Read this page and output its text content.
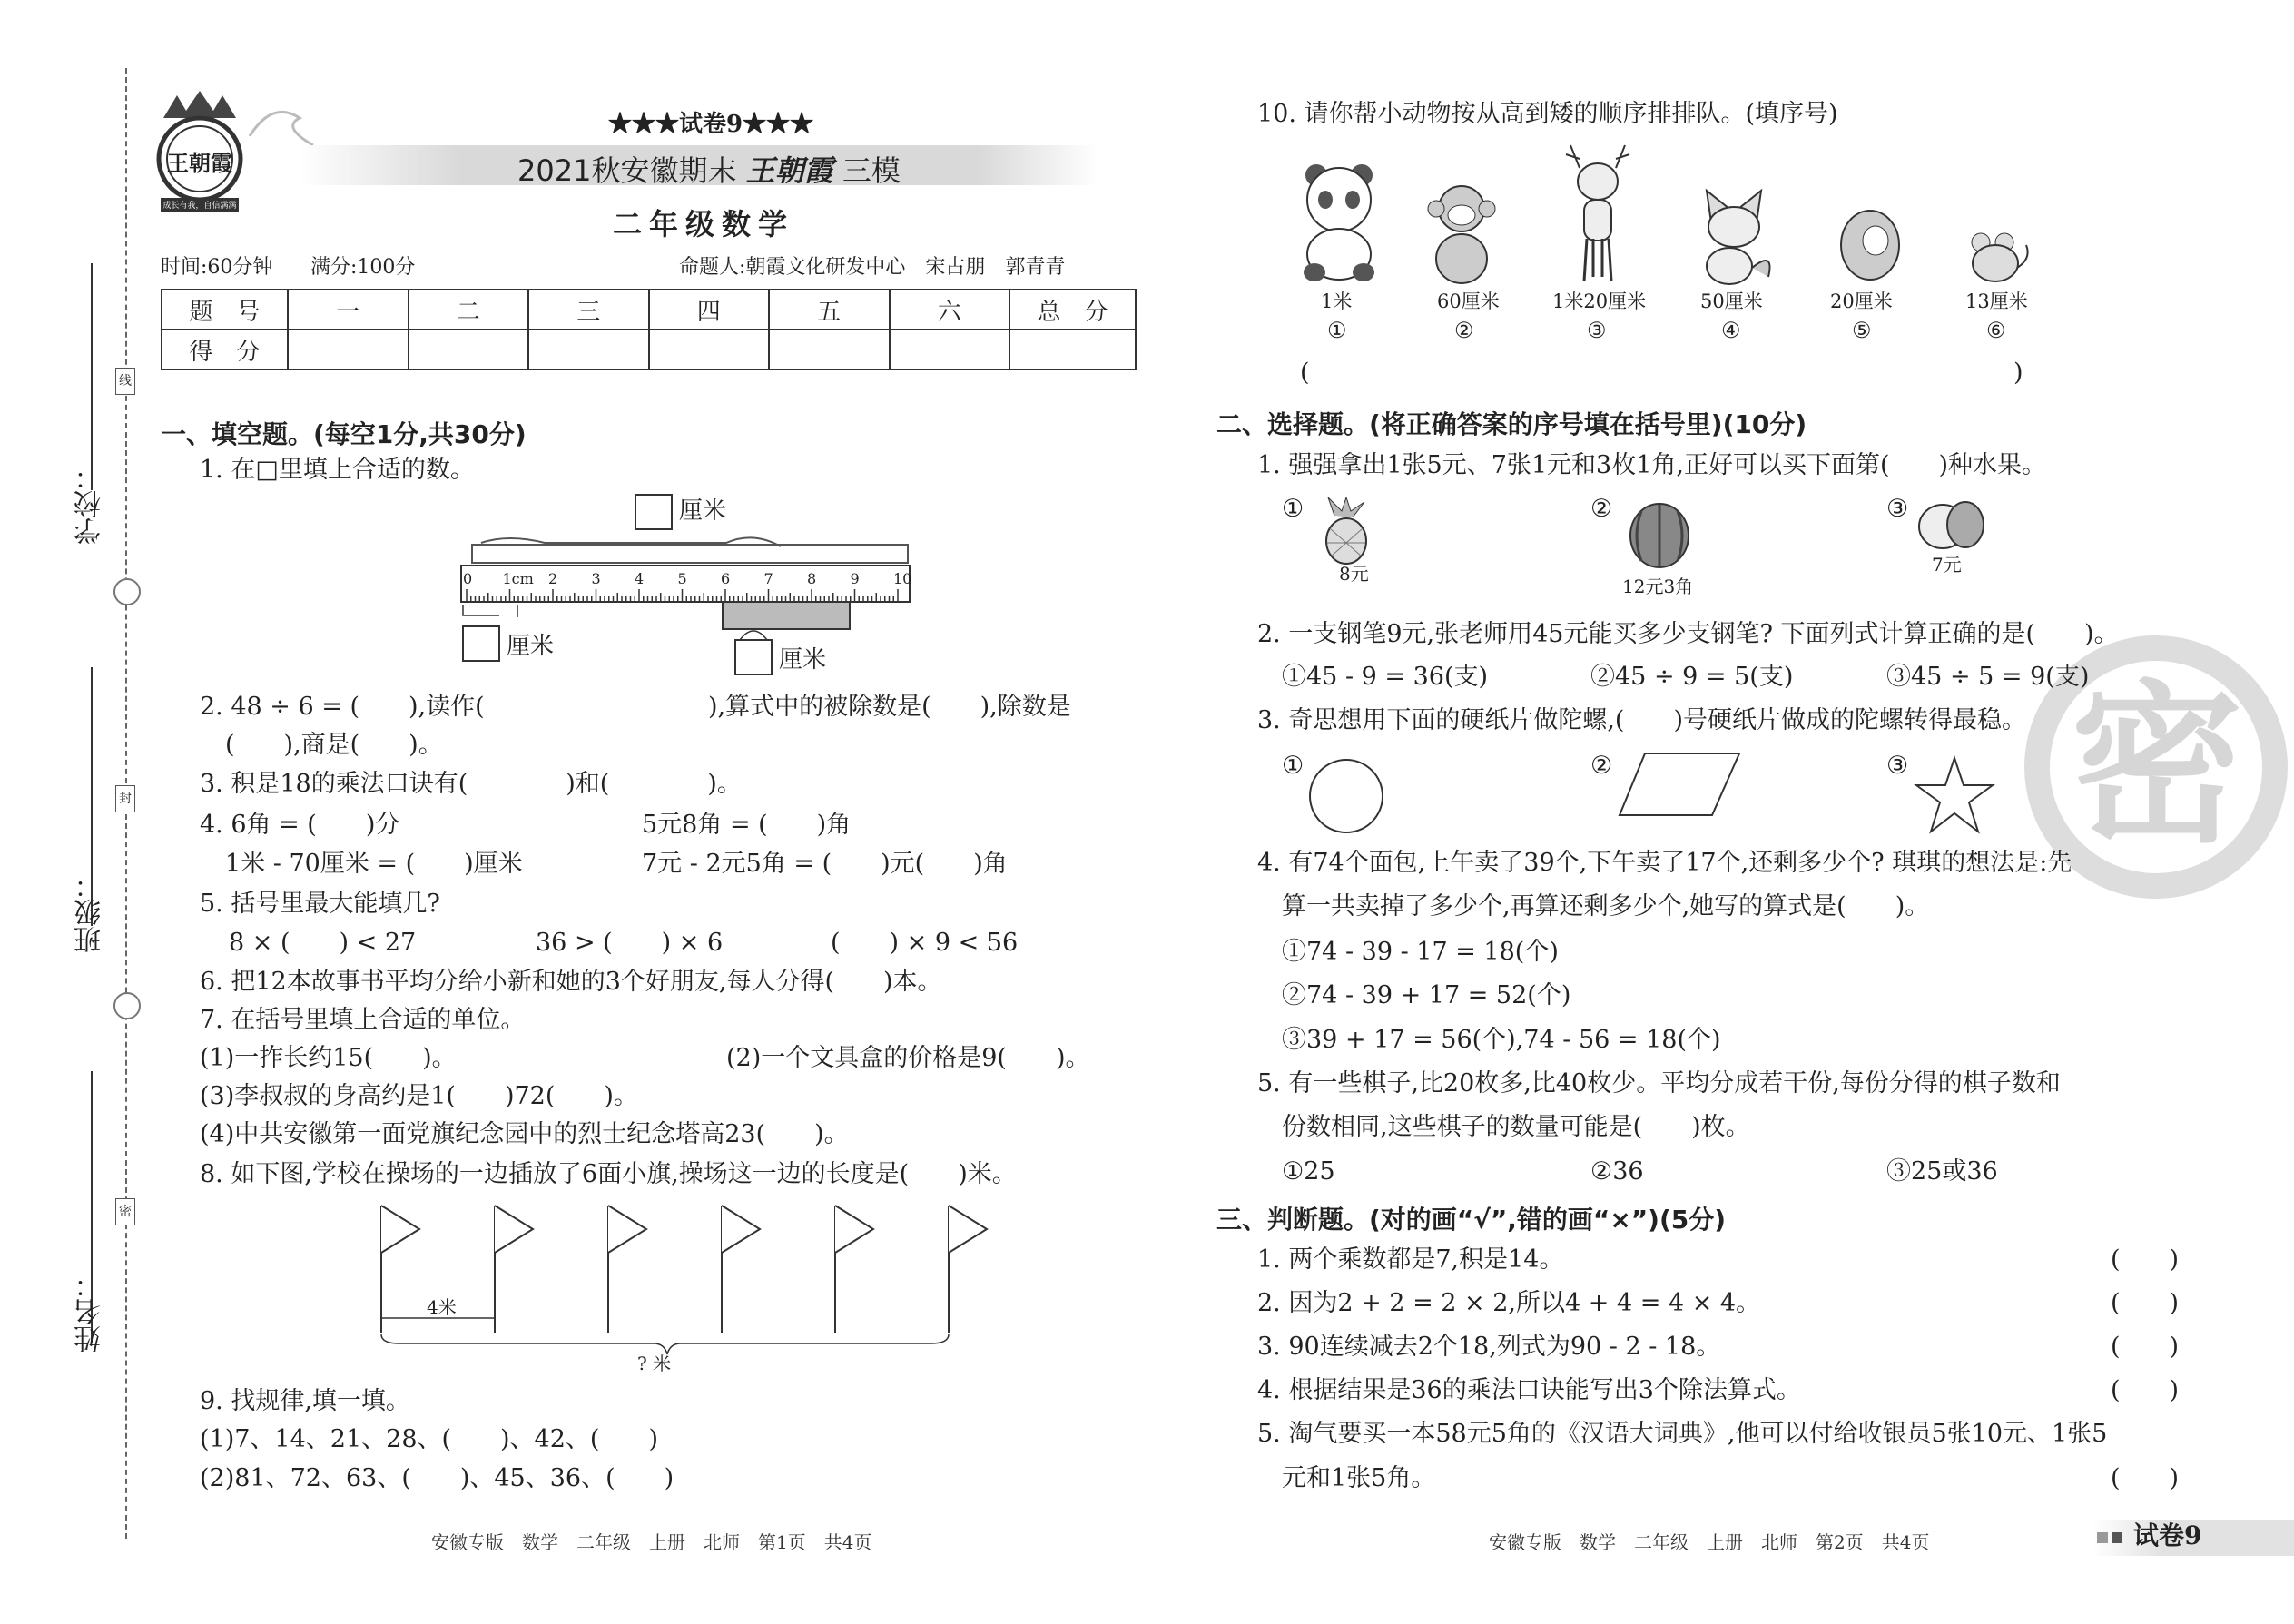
线
封
密
学校：
班级：
姓名：
王朝霞
成长有我，自信满满
★★★试卷9★★★
2021秋安徽期末 王朝霞 三模
二年级数学
时间:60分钟 满分:100分	命题人:朝霞文化研发中心　宋占朋　郭青青
题　号	一	二	三	四	五	六	总　分
得　分							
一、填空题。(每空1分,共30分)
1. 在□里填上合适的数。
厘米
厘米	厘米
0 1cm 2 3 4 5 6 7 8 9 10
2. 48 ÷ 6 = (　　),读作(	),算式中的被除数是(　　),除数是
(　　),商是(　　)。
3. 积是18的乘法口诀有(　　　　)和(　　　　)。
4. 6角 = (　　)分	5元8角 = (　　)角
1米 - 70厘米 = (　　)厘米	7元 - 2元5角 = (　　)元(　　)角
5. 括号里最大能填几?
8 × (　　) < 27	36 > (　　) × 6	(　　) × 9 < 56
6. 把12本故事书平均分给小新和她的3个好朋友,每人分得(　　)本。
7. 在括号里填上合适的单位。
(1)一拃长约15(　　)。	(2)一个文具盒的价格是9(　　)。
(3)李叔叔的身高约是1(　　)72(　　)。
(4)中共安徽第一面党旗纪念园中的烈士纪念塔高23(　　)。
8. 如下图,学校在操场的一边插放了6面小旗,操场这一边的长度是(　　)米。
4米
? 米
9. 找规律,填一填。
(1)7、14、21、28、(　　)、42、(　　)
(2)81、72、63、(　　)、45、36、(　　)
安徽专版　数学　二年级　上册　北师　第1页　共4页
10. 请你帮小动物按从高到矮的顺序排排队。(填序号)
1米	60厘米	1米20厘米	50厘米	20厘米	13厘米
①	②	③	④	⑤	⑥
(	)
密
二、选择题。(将正确答案的序号填在括号里)(10分)
1. 强强拿出1张5元、7张1元和3枚1角,正好可以买下面第(　　)种水果。
①
8元
②
12元3角
③
7元
2. 一支钢笔9元,张老师用45元能买多少支钢笔? 下面列式计算正确的是(　　)。
①45 - 9 = 36(支)	②45 ÷ 9 = 5(支)	③45 ÷ 5 = 9(支)
3. 奇思想用下面的硬纸片做陀螺,(　　)号硬纸片做成的陀螺转得最稳。
①	②	③
4. 有74个面包,上午卖了39个,下午卖了17个,还剩多少个? 琪琪的想法是:先
算一共卖掉了多少个,再算还剩多少个,她写的算式是(　　)。
①74 - 39 - 17 = 18(个)
②74 - 39 + 17 = 52(个)
③39 + 17 = 56(个),74 - 56 = 18(个)
5. 有一些棋子,比20枚多,比40枚少。平均分成若干份,每份分得的棋子数和
份数相同,这些棋子的数量可能是(　　)枚。
①25	②36	③25或36
三、判断题。(对的画“√”,错的画“×”)(5分)
1. 两个乘数都是7,积是14。	(　　)
2. 因为2 + 2 = 2 × 2,所以4 + 4 = 4 × 4。	(　　)
3. 90连续减去2个18,列式为90 - 2 - 18。	(　　)
4. 根据结果是36的乘法口诀能写出3个除法算式。	(　　)
5. 淘气要买一本58元5角的《汉语大词典》,他可以付给收银员5张10元、1张5
元和1张5角。	(　　)
安徽专版　数学　二年级　上册　北师　第2页　共4页	试卷9
